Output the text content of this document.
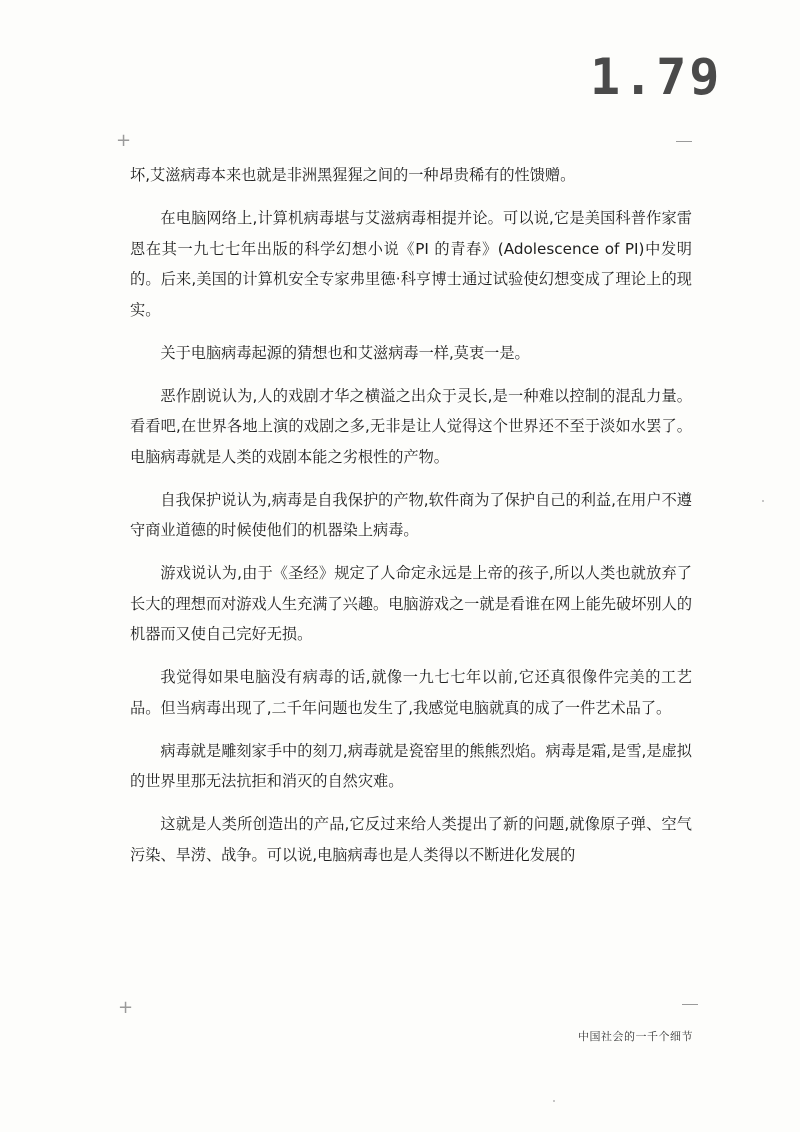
1.79
+
+

坏,艾滋病毒本来也就是非洲黑猩猩之间的一种昂贵稀有的性馈赠。

在电脑网络上,计算机病毒堪与艾滋病毒相提并论。可以说,它是美国科普作家雷恩在其一九七七年出版的科学幻想小说《PI 的青春》(Adolescence of PI)中发明的。后来,美国的计算机安全专家弗里德·科亨博士通过试验使幻想变成了理论上的现实。

关于电脑病毒起源的猜想也和艾滋病毒一样,莫衷一是。

恶作剧说认为,人的戏剧才华之横溢之出众于灵长,是一种难以控制的混乱力量。看看吧,在世界各地上演的戏剧之多,无非是让人觉得这个世界还不至于淡如水罢了。电脑病毒就是人类的戏剧本能之劣根性的产物。

自我保护说认为,病毒是自我保护的产物,软件商为了保护自己的利益,在用户不遵守商业道德的时候使他们的机器染上病毒。

游戏说认为,由于《圣经》规定了人命定永远是上帝的孩子,所以人类也就放弃了长大的理想而对游戏人生充满了兴趣。电脑游戏之一就是看谁在网上能先破坏别人的机器而又使自己完好无损。

我觉得如果电脑没有病毒的话,就像一九七七年以前,它还真很像件完美的工艺品。但当病毒出现了,二千年问题也发生了,我感觉电脑就真的成了一件艺术品了。

病毒就是雕刻家手中的刻刀,病毒就是瓷窑里的熊熊烈焰。病毒是霜,是雪,是虚拟的世界里那无法抗拒和消灭的自然灾难。

这就是人类所创造出的产品,它反过来给人类提出了新的问题,就像原子弹、空气污染、旱涝、战争。可以说,电脑病毒也是人类得以不断进化发展的

中国社会的一千个细节
